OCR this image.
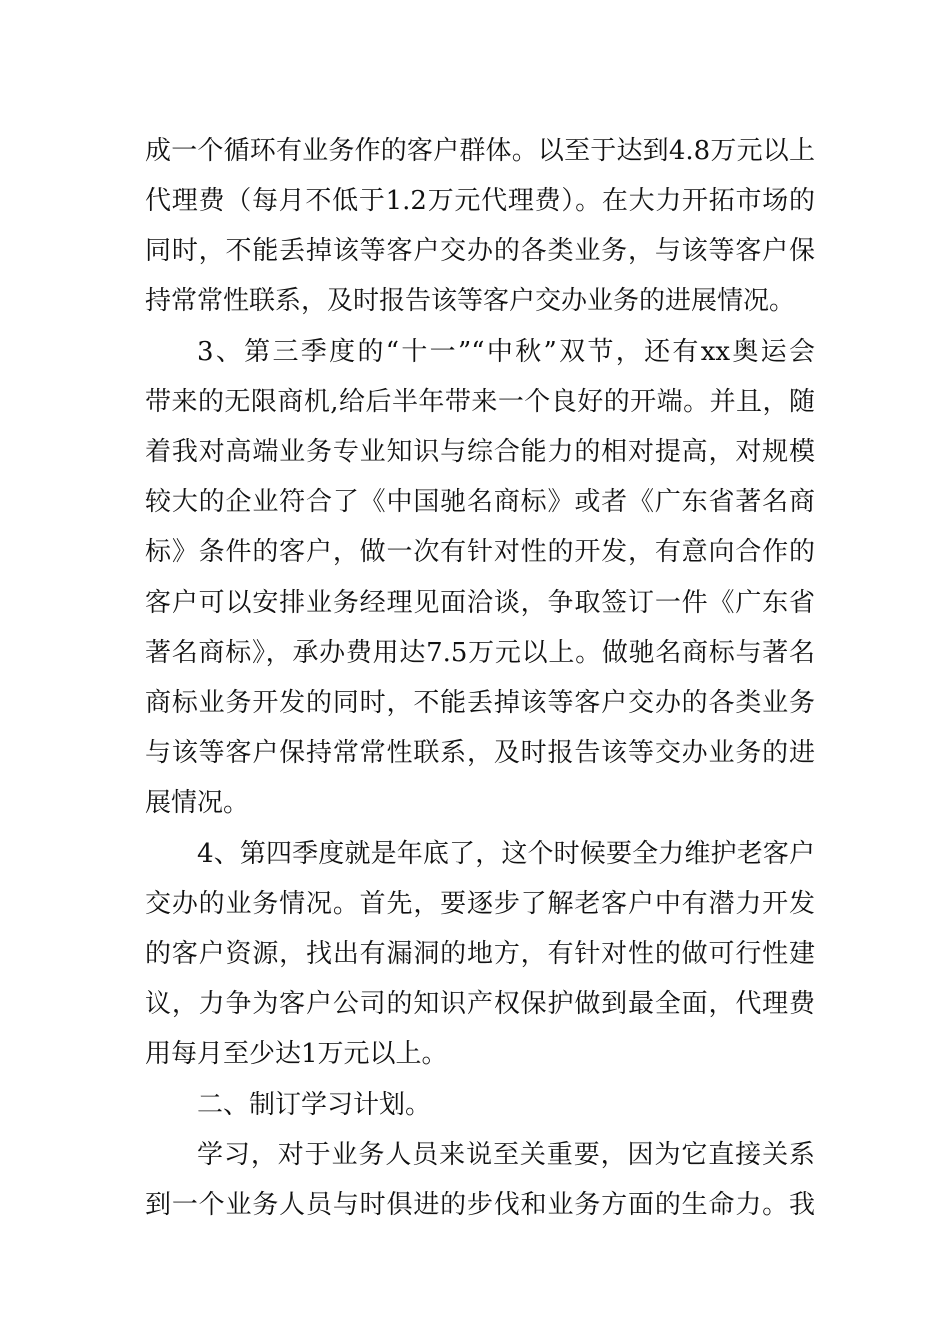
成一个循环有业务作的客户群体。以至于达到4.8万元以上
代理费（每月不低于1.2万元代理费）。在大力开拓市场的
同时，不能丢掉该等客户交办的各类业务，与该等客户保
持常常性联系，及时报告该等客户交办业务的进展情况。
3、第三季度的“十一”“中秋”双节，还有xx奥运会
带来的无限商机,给后半年带来一个良好的开端。并且，随
着我对高端业务专业知识与综合能力的相对提高，对规模
较大的企业符合了《中国驰名商标》或者《广东省著名商
标》条件的客户，做一次有针对性的开发，有意向合作的
客户可以安排业务经理见面洽谈，争取签订一件《广东省
著名商标》，承办费用达7.5万元以上。做驰名商标与著名
商标业务开发的同时，不能丢掉该等客户交办的各类业务
与该等客户保持常常性联系，及时报告该等交办业务的进
展情况。
4、第四季度就是年底了，这个时候要全力维护老客户
交办的业务情况。首先，要逐步了解老客户中有潜力开发
的客户资源，找出有漏洞的地方，有针对性的做可行性建
议，力争为客户公司的知识产权保护做到最全面，代理费
用每月至少达1万元以上。
二、制订学习计划。
学习，对于业务人员来说至关重要，因为它直接关系
到一个业务人员与时俱进的步伐和业务方面的生命力。我
